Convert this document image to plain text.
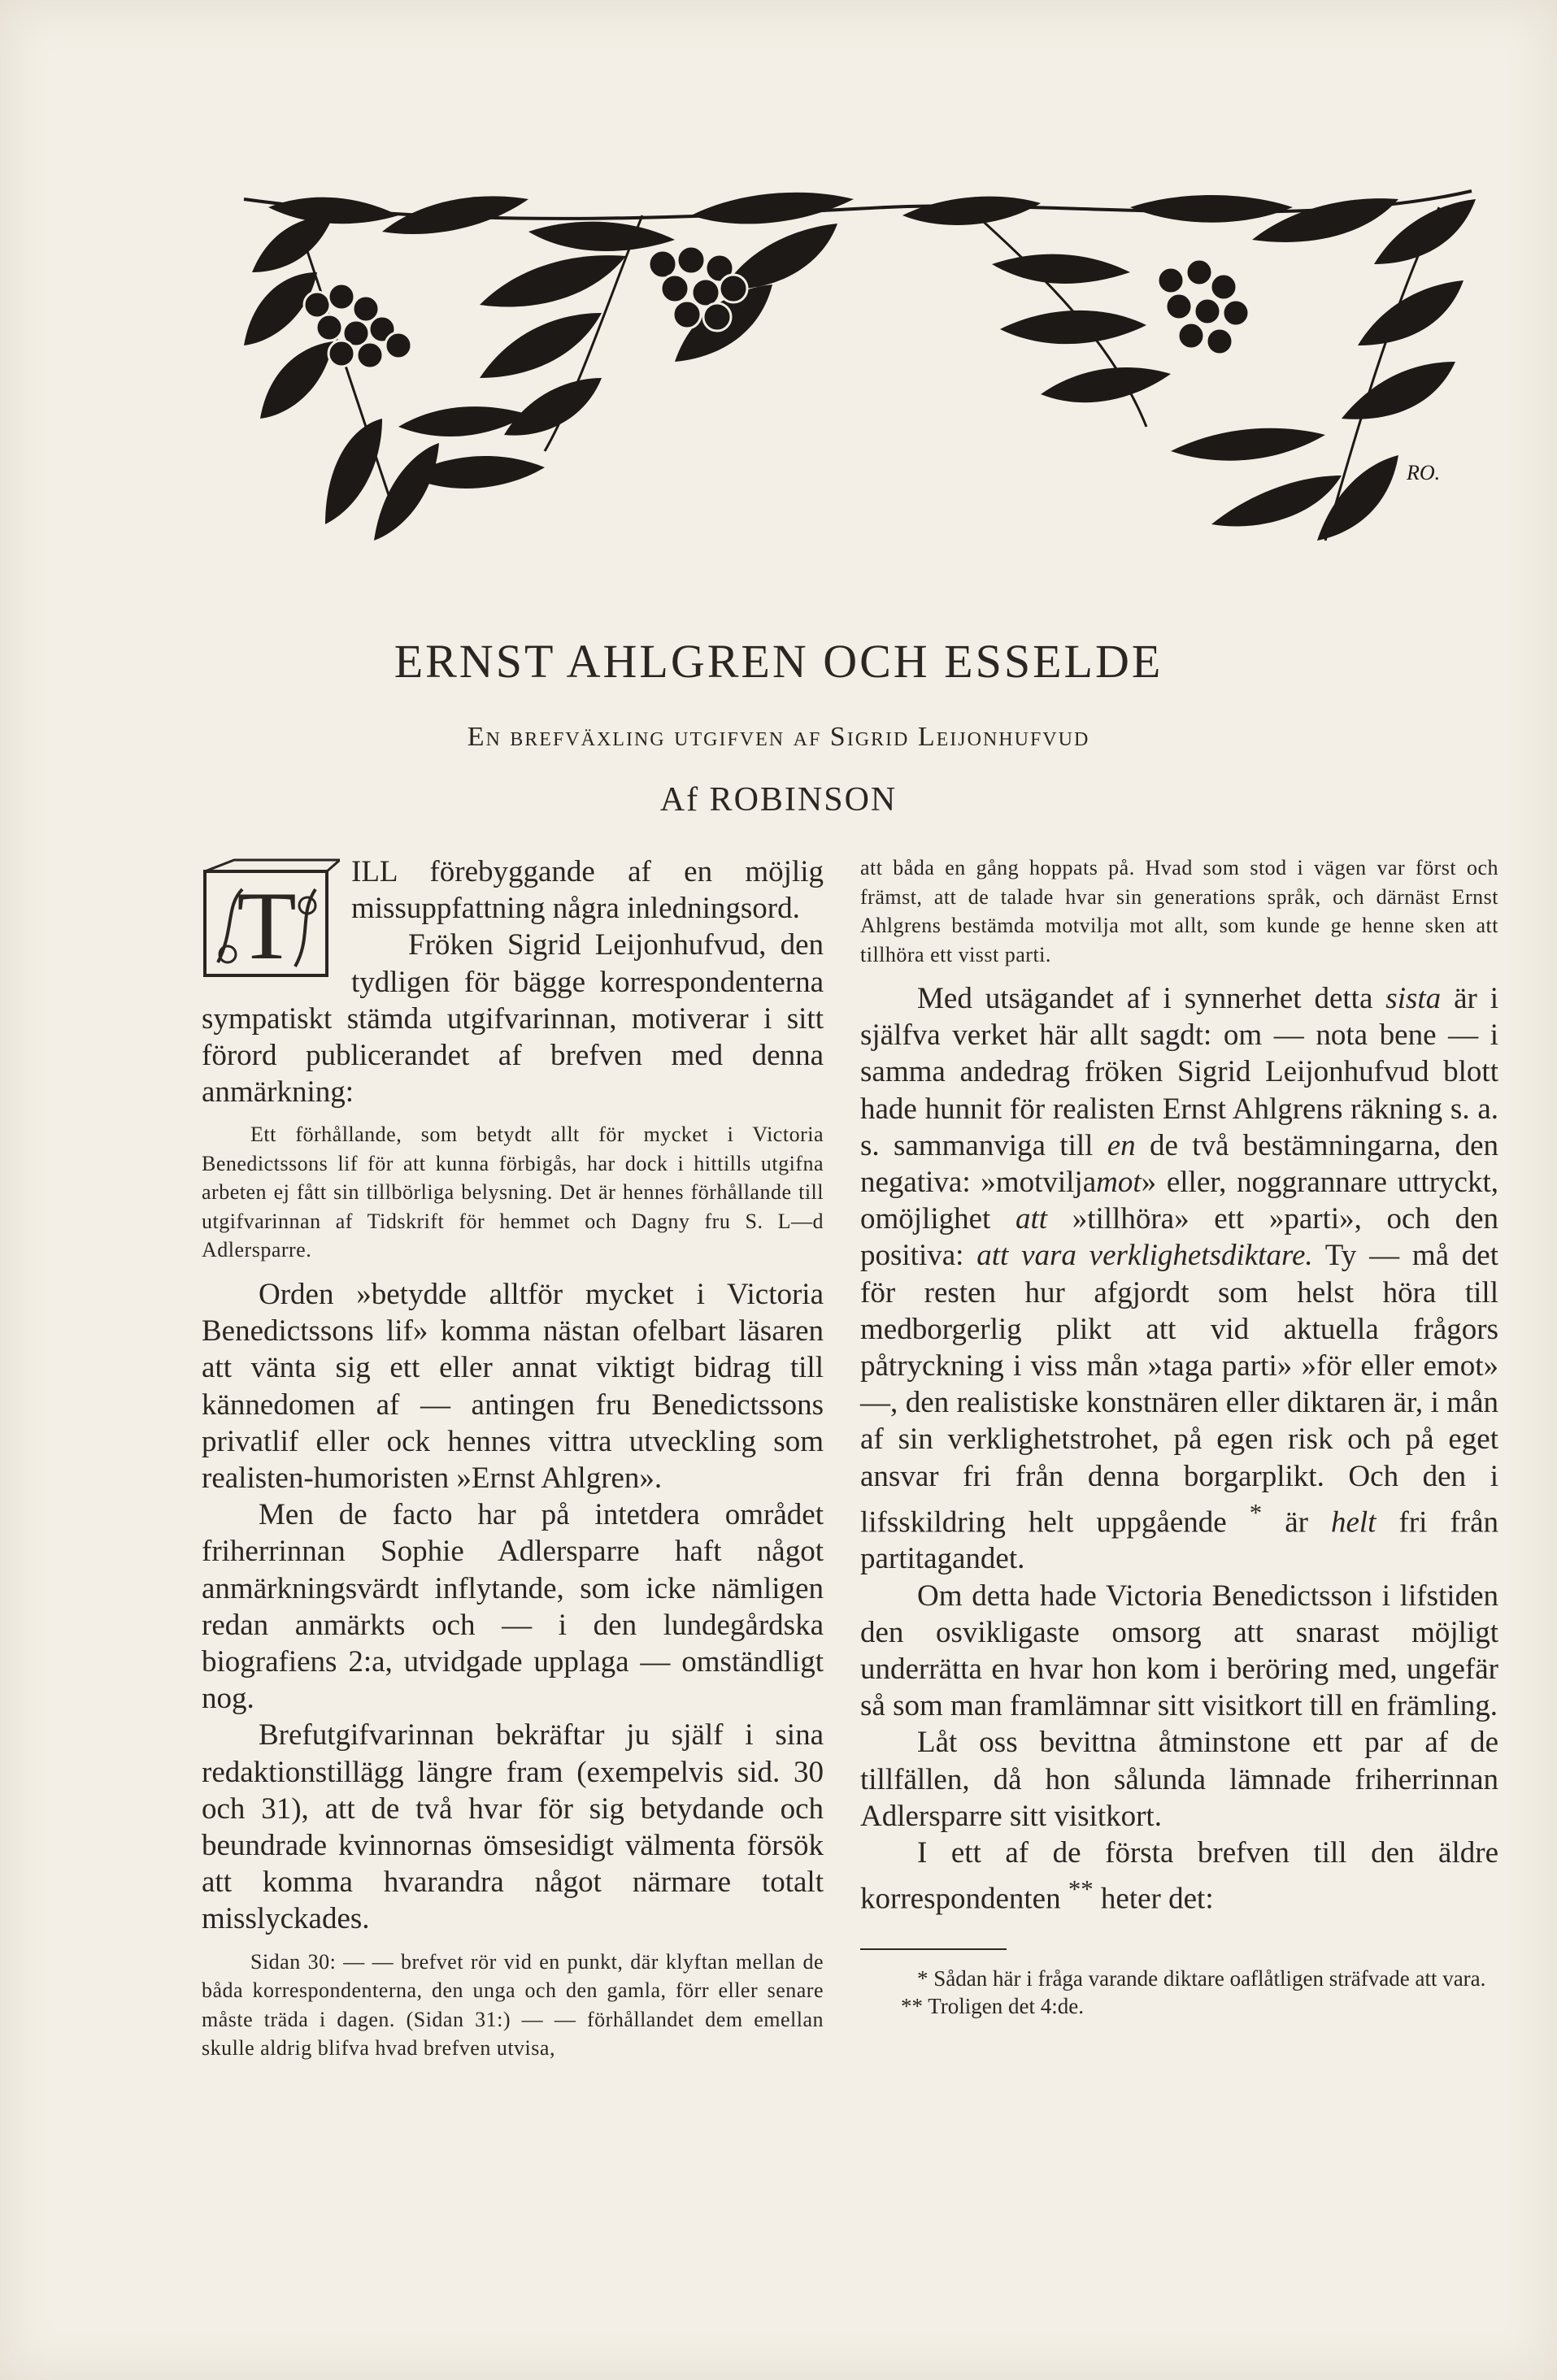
RO.
ERNST AHLGREN OCH ESSELDE
En brefväxling utgifven af Sigrid Leijonhufvud
Af ROBINSON
T	ILL förebyggande af en möjlig missuppfattning några inledningsord.

Fröken Sigrid Leijonhufvud, den tydligen för bägge korrespondenterna sympatiskt stämda utgifvarinnan, motiverar i sitt förord publicerandet af brefven med denna anmärkning:

Ett förhållande, som betydt allt för mycket i Victoria Benedictssons lif för att kunna förbigås, har dock i hittills utgifna arbeten ej fått sin tillbörliga belysning. Det är hennes förhållande till utgifvarinnan af Tidskrift för hemmet och Dagny fru S. L—d Adlersparre.

Orden »betydde alltför mycket i Victoria Benedictssons lif» komma nästan ofelbart läsaren att vänta sig ett eller annat viktigt bidrag till kännedomen af — antingen fru Benedictssons privatlif eller ock hennes vittra utveckling som realisten-humoristen »Ernst Ahlgren».

Men de facto har på intetdera området friherrinnan Sophie Adlersparre haft något anmärkningsvärdt inflytande, som icke nämligen redan anmärkts och — i den lundegårdska biografiens 2:a, utvidgade upplaga — omständligt nog.

Brefutgifvarinnan bekräftar ju själf i sina redaktionstillägg längre fram (exempelvis sid. 30 och 31), att de två hvar för sig betydande och beundrade kvinnornas ömsesidigt välmenta försök att komma hvarandra något närmare totalt misslyckades.

Sidan 30: — — brefvet rör vid en punkt, där klyftan mellan de båda korrespondenterna, den unga och den gamla, förr eller senare måste träda i dagen. (Sidan 31:) — — förhållandet dem emellan skulle aldrig blifva hvad brefven utvisa,

att båda en gång hoppats på. Hvad som stod i vägen var först och främst, att de talade hvar sin generations språk, och därnäst Ernst Ahlgrens bestämda motvilja mot allt, som kunde ge henne sken att tillhöra ett visst parti.

Med utsägandet af i synnerhet detta sista är i själfva verket här allt sagdt: om — nota bene — i samma andedrag fröken Sigrid Leijonhufvud blott hade hunnit för realisten Ernst Ahlgrens räkning s. a. s. sammanviga till en de två bestämningarna, den negativa: »motviljamot» eller, noggrannare uttryckt, omöjlighet att »tillhöra» ett »parti», och den positiva: att vara verklighetsdiktare. Ty — må det för resten hur afgjordt som helst höra till medborgerlig plikt att vid aktuella frågors påtryckning i viss mån »taga parti» »för eller emot» —, den realistiske konstnären eller diktaren är, i mån af sin verklighetstrohet, på egen risk och på eget ansvar fri från denna borgarplikt. Och den i lifsskildring helt uppgående * är helt fri från partitagandet.

Om detta hade Victoria Benedictsson i lifstiden den osvikligaste omsorg att snarast möjligt underrätta en hvar hon kom i beröring med, ungefär så som man framlämnar sitt visitkort till en främling.

Låt oss bevittna åtminstone ett par af de tillfällen, då hon sålunda lämnade friherrinnan Adlersparre sitt visitkort.

I ett af de första brefven till den äldre korrespondenten ** heter det:

* Sådan här i fråga varande diktare oaflåtligen sträfvade att vara.

** Troligen det 4:de.
